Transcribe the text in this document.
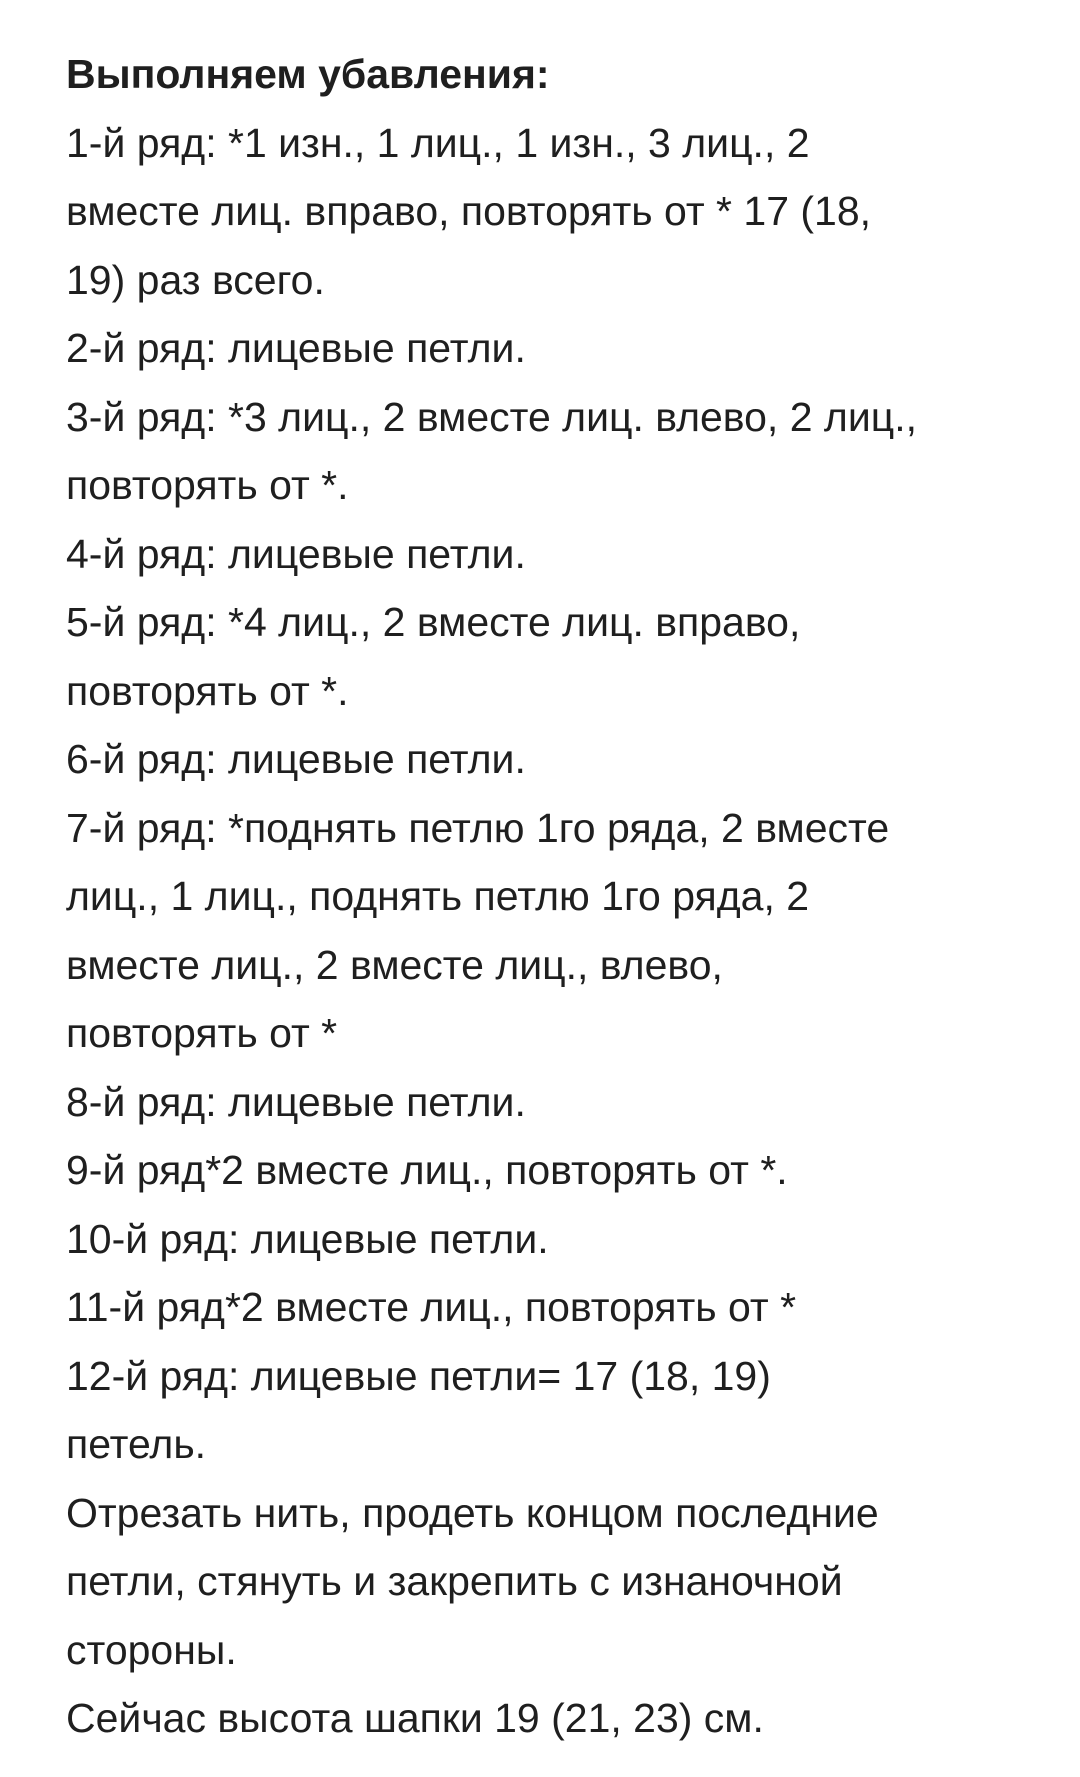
Выполняем убавления:

1-й ряд: *1 изн., 1 лиц., 1 изн., 3 лиц., 2

вместе лиц. вправо, повторять от * 17 (18,

19) раз всего.

2-й ряд: лицевые петли.

3-й ряд: *3 лиц., 2 вместе лиц. влево, 2 лиц.,

повторять от *.

4-й ряд: лицевые петли.

5-й ряд: *4 лиц., 2 вместе лиц. вправо,

повторять от *.

6-й ряд: лицевые петли.

7-й ряд: *поднять петлю 1го ряда, 2 вместе

лиц., 1 лиц., поднять петлю 1го ряда, 2

вместе лиц., 2 вместе лиц., влево,

повторять от *

8-й ряд: лицевые петли.

9-й ряд*2 вместе лиц., повторять от *.

10-й ряд: лицевые петли.

11-й ряд*2 вместе лиц., повторять от *

12-й ряд: лицевые петли= 17 (18, 19)

петель.

Отрезать нить, продеть концом последние

петли, стянуть и закрепить с изнаночной

стороны.

Сейчас высота шапки 19 (21, 23) см.
